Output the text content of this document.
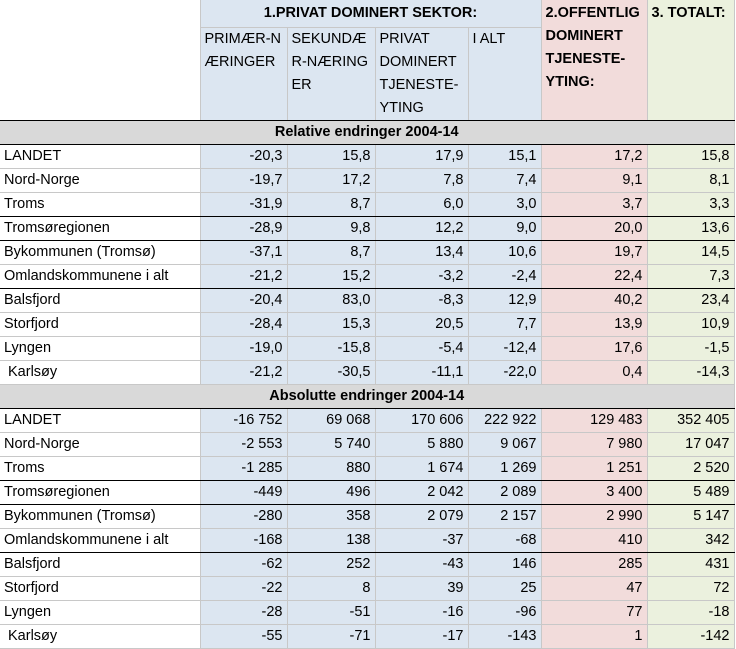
	1.PRIVAT DOMINERT SEKTOR:				2.OFFENTLIG DOMINERT TJENESTE-YTING:	3. TOTALT:
	PRIMÆR-NÆRINGER	SEKUNDÆR-NÆRINGER	PRIVAT DOMINERT TJENESTE-YTING	I ALT		
Relative endringer 2004-14						
LANDET	-20,3	15,8	17,9	15,1	17,2	15,8
Nord-Norge	-19,7	17,2	7,8	7,4	9,1	8,1
Troms	-31,9	8,7	6,0	3,0	3,7	3,3
Tromsøregionen	-28,9	9,8	12,2	9,0	20,0	13,6
Bykommunen (Tromsø)	-37,1	8,7	13,4	10,6	19,7	14,5
Omlandskommunene i alt	-21,2	15,2	-3,2	-2,4	22,4	7,3
Balsfjord	-20,4	83,0	-8,3	12,9	40,2	23,4
Storfjord	-28,4	15,3	20,5	7,7	13,9	10,9
Lyngen	-19,0	-15,8	-5,4	-12,4	17,6	-1,5
Karlsøy	-21,2	-30,5	-11,1	-22,0	0,4	-14,3
Absolutte endringer 2004-14						
LANDET	-16 752	69 068	170 606	222 922	129 483	352 405
Nord-Norge	-2 553	5 740	5 880	9 067	7 980	17 047
Troms	-1 285	880	1 674	1 269	1 251	2 520
Tromsøregionen	-449	496	2 042	2 089	3 400	5 489
Bykommunen (Tromsø)	-280	358	2 079	2 157	2 990	5 147
Omlandskommunene i alt	-168	138	-37	-68	410	342
Balsfjord	-62	252	-43	146	285	431
Storfjord	-22	8	39	25	47	72
Lyngen	-28	-51	-16	-96	77	-18
Karlsøy	-55	-71	-17	-143	1	-142
